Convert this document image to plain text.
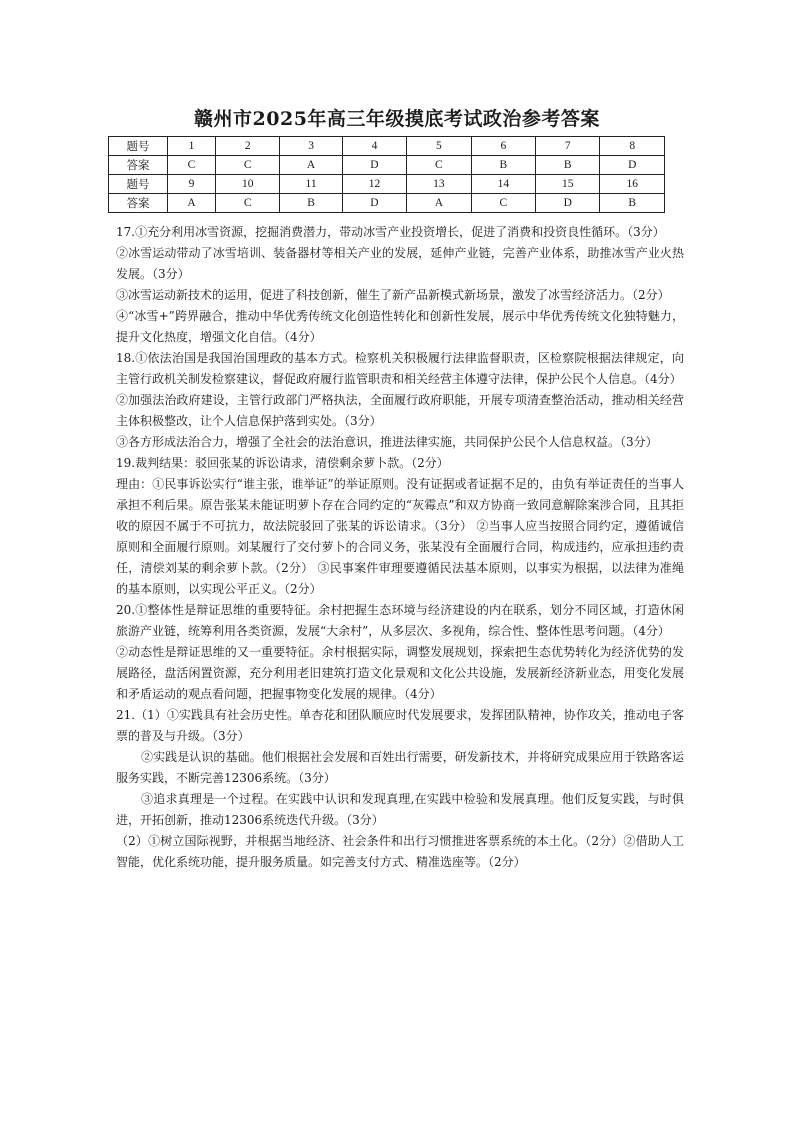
赣州市2025年高三年级摸底考试政治参考答案
题号	1	2	3	4	5	6	7	8
答案	C	C	A	D	C	B	B	D
题号	9	10	11	12	13	14	15	16
答案	A	C	B	D	A	C	D	B

17.①充分利用冰雪资源，挖掘消费潜力，带动冰雪产业投资增长，促进了消费和投资良性循环。（3分）

②冰雪运动带动了冰雪培训、装备器材等相关产业的发展，延伸产业链，完善产业体系，助推冰雪产业火热发展。（3分）

③冰雪运动新技术的运用，促进了科技创新，催生了新产品新模式新场景，激发了冰雪经济活力。（2分）

④“冰雪+”跨界融合，推动中华优秀传统文化创造性转化和创新性发展，展示中华优秀传统文化独特魅力，提升文化热度，增强文化自信。（4分）

18.①依法治国是我国治国理政的基本方式。检察机关积极履行法律监督职责，区检察院根据法律规定，向主管行政机关制发检察建议，督促政府履行监管职责和相关经营主体遵守法律，保护公民个人信息。（4分）

②加强法治政府建设，主管行政部门严格执法，全面履行政府职能，开展专项清查整治活动，推动相关经营主体积极整改，让个人信息保护落到实处。（3分）

③各方形成法治合力，增强了全社会的法治意识，推进法律实施，共同保护公民个人信息权益。（3分）

19.裁判结果：驳回张某的诉讼请求，清偿剩余萝卜款。（2分）

理由：①民事诉讼实行“谁主张，谁举证”的举证原则。没有证据或者证据不足的，由负有举证责任的当事人承担不利后果。原告张某未能证明萝卜存在合同约定的“灰霉点”和双方协商一致同意解除案涉合同，且其拒收的原因不属于不可抗力，故法院驳回了张某的诉讼请求。（3分） ②当事人应当按照合同约定，遵循诚信原则和全面履行原则。刘某履行了交付萝卜的合同义务，张某没有全面履行合同，构成违约，应承担违约责任，清偿刘某的剩余萝卜款。（2分） ③民事案件审理要遵循民法基本原则，以事实为根据，以法律为准绳的基本原则，以实现公平正义。（2分）

20.①整体性是辩证思维的重要特征。余村把握生态环境与经济建设的内在联系，划分不同区域，打造休闲旅游产业链，统筹利用各类资源，发展“大余村”，从多层次、多视角，综合性、整体性思考问题。（4分）

②动态性是辩证思维的又一重要特征。余村根据实际，调整发展规划，探索把生态优势转化为经济优势的发展路径，盘活闲置资源，充分利用老旧建筑打造文化景观和文化公共设施，发展新经济新业态，用变化发展和矛盾运动的观点看问题，把握事物变化发展的规律。（4分）

21.（1）①实践具有社会历史性。单杏花和团队顺应时代发展要求，发挥团队精神，协作攻关，推动电子客票的普及与升级。（3分）

②实践是认识的基础。他们根据社会发展和百姓出行需要，研发新技术，并将研究成果应用于铁路客运服务实践，不断完善12306系统。（3分）

③追求真理是一个过程。在实践中认识和发现真理,在实践中检验和发展真理。他们反复实践，与时俱进，开拓创新，推动12306系统迭代升级。（3分）

（2）①树立国际视野，并根据当地经济、社会条件和出行习惯推进客票系统的本土化。（2分）②借助人工智能，优化系统功能，提升服务质量。如完善支付方式、精准选座等。（2分）
